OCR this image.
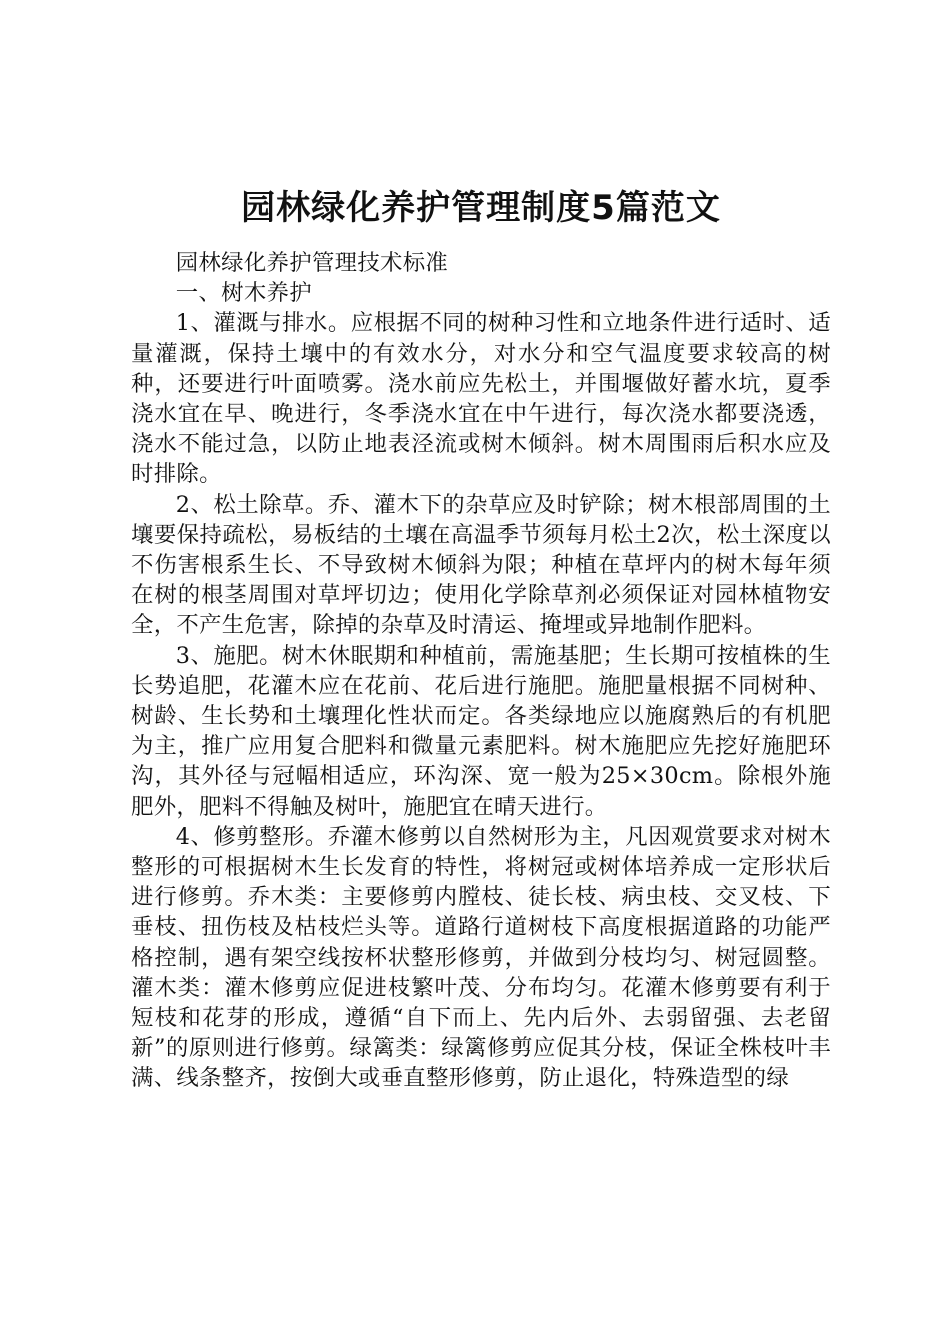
园林绿化养护管理制度5篇范文

园林绿化养护管理技术标准

一、树木养护

1、灌溉与排水。应根据不同的树种习性和立地条件进行适时、适量灌溉，保持土壤中的有效水分，对水分和空气温度要求较高的树种，还要进行叶面喷雾。浇水前应先松土，并围堰做好蓄水坑，夏季浇水宜在早、晚进行，冬季浇水宜在中午进行，每次浇水都要浇透，浇水不能过急，以防止地表泾流或树木倾斜。树木周围雨后积水应及时排除。

2、松土除草。乔、灌木下的杂草应及时铲除；树木根部周围的土壤要保持疏松，易板结的土壤在高温季节须每月松土2次，松土深度以不伤害根系生长、不导致树木倾斜为限；种植在草坪内的树木每年须在树的根茎周围对草坪切边；使用化学除草剂必须保证对园林植物安全，不产生危害，除掉的杂草及时清运、掩埋或异地制作肥料。

3、施肥。树木休眠期和种植前，需施基肥；生长期可按植株的生长势追肥，花灌木应在花前、花后进行施肥。施肥量根据不同树种、树龄、生长势和土壤理化性状而定。各类绿地应以施腐熟后的有机肥为主，推广应用复合肥料和微量元素肥料。树木施肥应先挖好施肥环沟，其外径与冠幅相适应，环沟深、宽一般为25×30cm。除根外施肥外，肥料不得触及树叶，施肥宜在晴天进行。

4、修剪整形。乔灌木修剪以自然树形为主，凡因观赏要求对树木整形的可根据树木生长发育的特性，将树冠或树体培养成一定形状后进行修剪。乔木类：主要修剪内膛枝、徒长枝、病虫枝、交叉枝、下垂枝、扭伤枝及枯枝烂头等。道路行道树枝下高度根据道路的功能严格控制，遇有架空线按杯状整形修剪，并做到分枝均匀、树冠圆整。灌木类：灌木修剪应促进枝繁叶茂、分布均匀。花灌木修剪要有利于短枝和花芽的形成，遵循“自下而上、先内后外、去弱留强、去老留新”的原则进行修剪。绿篱类：绿篱修剪应促其分枝，保证全株枝叶丰满、线条整齐，按倒大或垂直整形修剪，防止退化，特殊造型的绿
